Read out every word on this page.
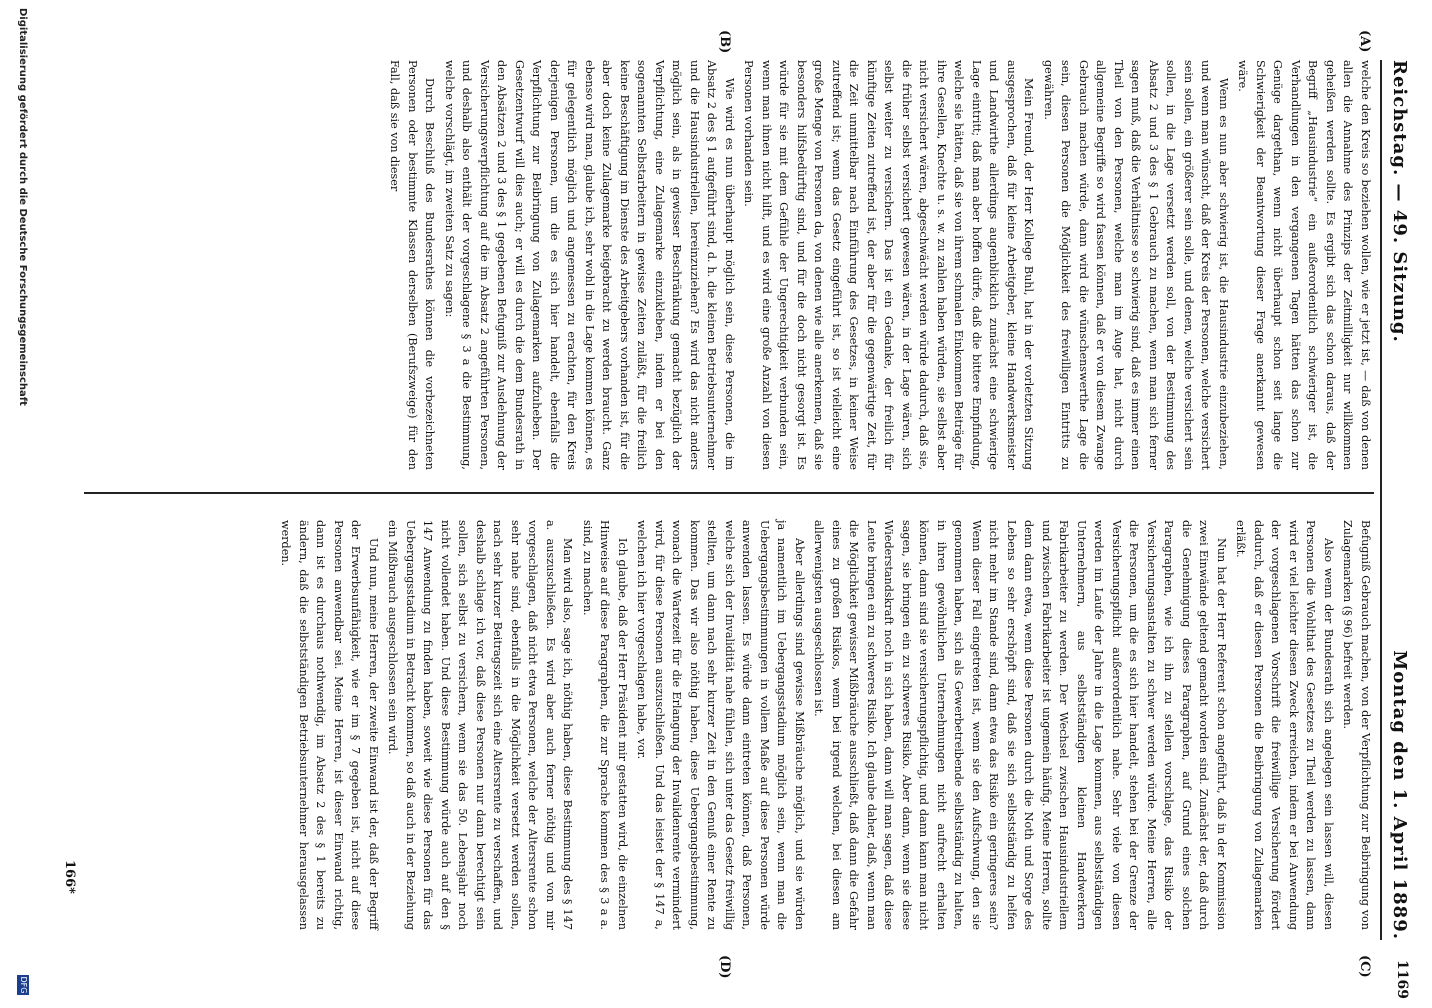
Reichstag. — 49. Sitzung.
Montag den 1. April 1889.
1169
(A)
(B)
(C)
(D)

welche den Kreis so beziehen wollen, wie er jetzt ist, — daß von denen allen die Annahme des Prinzips der Zeitmilligkeit nur willkommen geheißen werden sollte. Es ergibt sich das schon daraus, daß der Begriff „Hausindustrie“ ein außerordentlich schwieriger ist, die Verhandlungen in den vergangenen Tagen hätten das schon zur Genüge dargethan, wenn nicht überhaupt schon seit lange die Schwierigkeit der Beantwortung dieser Frage anerkannt gewesen wäre.

Wenn es nun aber schwierig ist, die Hausindustrie einzubeziehen, und wenn man wünscht, daß der Kreis der Personen, welche versichert sein sollen, ein größerer sein solle, und denen, welche versichert sein sollen, in die Lage versetzt werden soll, von der Bestimmung des Absatz 2 und 3 des § 1 Gebrauch zu machen, wenn man sich ferner sagen muß, daß die Verhältnisse so schwierig sind, daß es immer einen Theil von den Personen, welche man im Auge hat, nicht durch allgemeine Begriffe so wird fassen können, daß er von diesem Zwange Gebrauch machen würde, dann wird die wünschenswerthe Lage die sein, diesen Personen die Möglichkeit des freiwilligen Eintritts zu gewähren.

Mein Freund, der Herr Kollege Buhl, hat in der vorletzten Sitzung ausgesprochen, daß für kleine Arbeitgeber, kleine Handwerksmeister und Landwirthe allerdings augenblicklich zunächst eine schwierige Lage eintritt; daß man aber hoffen dürfe, daß die bittere Empfindung, welche sie hätten, daß sie von ihrem schmalen Einkommen Beiträge für ihre Gesellen, Knechte u. s. w. zu zahlen haben würden, sie selbst aber nicht versichert wären, abgeschwächt werden würde dadurch, daß sie, die früher selbst versichert gewesen wären, in der Lage wären, sich selbst weiter zu versichern. Das ist ein Gedanke, der freilich für künftige Zeiten zutreffend ist, der aber für die gegenwärtige Zeit, für die Zeit unmittelbar nach Einführung des Gesetzes, in keiner Weise zutreffend ist; wenn das Gesetz eingeführt ist, so ist vielleicht eine große Menge von Personen da, von denen wie alle anerkennen, daß sie besonders hilfsbedürftig sind, und für die doch nicht gesorgt ist. Es würde für sie mit dem Gefühle der Ungerechtigkeit verbunden sein, wenn man ihnen nicht hilft, und es wird eine große Anzahl von diesen Personen vorhanden sein.

Wie wird es nun überhaupt möglich sein, diese Personen, die im Absatz 2 des § 1 aufgeführt sind, d. h. die kleinen Betriebsunternehmer und die Hausindustriellen, hereinzuziehen? Es wird das nicht anders möglich sein, als in gewisser Beschränkung gemacht bezüglich der Verpflichtung, eine Zulagemarke einzukleben, indem er bei den sogenannten Selbstarbeitern in gewisse Zeiten zuläßt, für die freilich keine Beschäftigung im Dienste des Arbeitgebers vorhanden ist, für die aber doch keine Zulagemarke beigebracht zu werden braucht. Ganz ebenso wird man, glaube ich, sehr wohl in die Lage kommen können, es für gelegentlich möglich und angemessen zu erachten, für den Kreis derjenigen Personen, um die es sich hier handelt, ebenfalls die Verpflichtung zur Beibringung von Zulagemarken aufzuheben. Der Gesetzentwurf will dies auch; er will es durch die dem Bundesrath in den Absätzen 2 und 3 des § 1 gegebenen Befugniß zur Ausdehnung der Versicherungsverpflichtung auf die im Absatz 2 angeführten Personen, und deshalb also enthält der vorgeschlagene § 3 a die Bestimmung, welche vorschlägt, im zweiten Satz zu sagen:

Durch Beschluß des Bundesrathes können die vorbezeichneten Personen oder bestimmte Klassen derselben (Berufszweige) für den Fall, daß sie von dieser

Befugniß Gebrauch machen, von der Verpflichtung zur Beibringung von Zulagemarken (§ 96) befreit werden.

Also wenn der Bundesrath sich angelegen sein lassen will, diesen Personen die Wohlthat des Gesetzes zu Theil werden zu lassen, dann wird er viel leichter diesen Zweck erreichen, indem er bei Anwendung der vorgeschlagenen Vorschrift die freiwillige Versicherung fördert dadurch, daß er diesen Personen die Beibringung von Zulagemarken erläßt.

Nun hat der Herr Referent schon angeführt, daß in der Kommission zwei Einwände geltend gemacht worden sind. Zunächst der, daß durch die Genehmigung dieses Paragraphen, auf Grund eines solchen Paragraphen, wie ich ihn zu stellen vorschlage, das Risiko der Versicherungsanstalten zu schwer werden würde. Meine Herren, alle die Personen, um die es sich hier handelt, stehen bei der Grenze der Versicherungspflicht außerordentlich nahe. Sehr viele von diesen werden im Laufe der Jahre in die Lage kommen, aus selbstständigen Unternehmern, aus selbstständigen kleinen Handwerkern Fabrikarbeiter zu werden. Der Wechsel zwischen Hausindustriellem und zwischen Fabrikarbeiter ist ungemein häufig. Meine Herren, sollte denn dann etwa, wenn diese Personen durch die Noth und Sorge des Lebens so sehr erschöpft sind, daß sie sich selbstständig zu helfen nicht mehr im Stande sind, dann etwa das Risiko ein geringeres sein? Wenn dieser Fall eingetreten ist, wenn sie den Aufschwung, den sie genommen haben, sich als Gewerbetreibende selbstständig zu halten, in ihren gewöhnlichen Unternehmungen nicht aufrecht erhalten können, dann sind sie versicherungspflichtig, und dann kann man nicht sagen, sie bringen ein zu schweres Risiko. Aber dann, wenn sie diese Wiederstandskraft noch in sich haben, dann will man sagen, daß diese Leute bringen ein zu schweres Risiko. Ich glaube daher, daß, wenn man die Möglichkeit gewisser Mißbräuche ausschließt, daß dann die Gefahr eines zu großen Risikos, wenn bei irgend welchen, bei diesen am allerwenigsten ausgeschlossen ist.

Aber allerdings sind gewisse Mißbräuche möglich, und sie würden ja namentlich im Uebergangsstadium möglich sein, wenn man die Uebergangsbestimmungen in vollem Maße auf diese Personen würde anwenden lassen. Es würde dann eintreten können, daß Personen, welche sich der Invalidität nahe fühlen, sich unter das Gesetz freiwillig stellten, um dann nach sehr kurzer Zeit in den Genuß einer Rente zu kommen. Das wir also nöthig haben, diese Uebergangsbestimmung, wonach die Wartezeit für die Erlangung der Invalidenrente vermindert wird, für diese Personen auszuschließen. Und das leistet der § 147 a, welchen ich hier vorgeschlagen habe, vor.

Ich glaube, daß der Herr Präsident mir gestatten wird, die einzelnen Hinweise auf diese Paragraphen, die zur Sprache kommen des § 3 a a. sind, zu machen.

Man wird also, sage ich, nöthig haben, diese Bestimmung des § 147 a. auszuschließen. Es wird aber auch ferner nöthig und von mir vorgeschlagen, daß nicht etwa Personen, welche der Altersrente schon sehr nahe sind, ebenfalls in die Möglichkeit versetzt werden sollen, nach sehr kurzer Beitragszeit sich eine Altersrente zu verschaffen, und deshalb schlage ich vor, daß diese Personen nur dann berechtigt sein sollen, sich selbst zu versichern, wenn sie das 50. Lebensjahr noch nicht vollendet haben. Und diese Bestimmung würde auch auf den § 147 Anwendung zu finden haben, soweit wie diese Personen für das Uebergangsstadium in Betracht kommen, so daß auch in der Beziehung ein Mißbrauch ausgeschlossen sein wird.

Und nun, meine Herren, der zweite Einwand ist der, daß der Begriff der Erwerbsunfähigkeit, wie er im § 7 gegeben ist, nicht auf diese Personen anwendbar sei. Meine Herren, ist dieser Einwand richtig, dann ist es durchaus nothwendig, im Absatz 2 des § 1 bereits zu ändern, daß die selbstständigen Betriebsunternehmer herausgelassen werden.

166*
Digitalisierung gefördert durch die Deutsche Forschungsgemeinschaft
DFG
